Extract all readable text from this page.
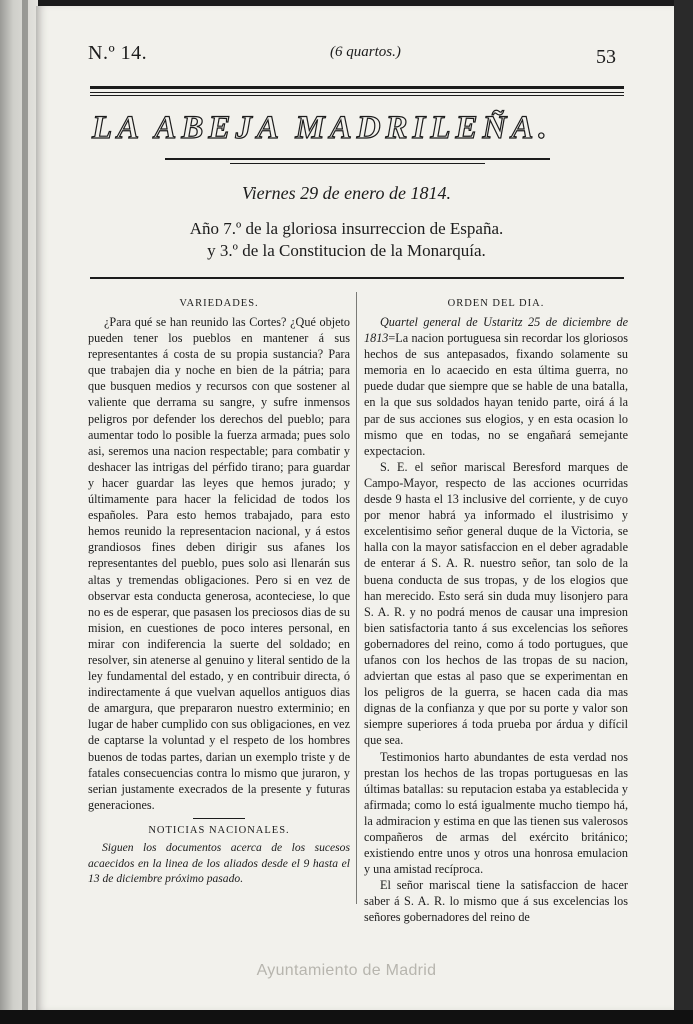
N.º 14.	(6 quartos.)	53

LA ABEJA MADRILEÑA.

Viernes 29 de enero de 1814.

Año 7.º de la gloriosa insurreccion de España.

y 3.º de la Constitucion de la Monarquía.

VARIEDADES.

¿Para qué se han reunido las Cortes? ¿Qué objeto pueden tener los pueblos en mantener á sus representantes á costa de su propia sustancia? Para que trabajen dia y noche en bien de la pátria; para que busquen medios y recursos con que sostener al valiente que derrama su sangre, y sufre inmensos peligros por defender los derechos del pueblo; para aumentar todo lo posible la fuerza armada; pues solo asi, seremos una nacion respectable; para combatir y deshacer las intrigas del pérfido tirano; para guardar y hacer guardar las leyes que hemos jurado; y últimamente para hacer la felicidad de todos los españoles. Para esto hemos trabajado, para esto hemos reunido la representacion nacional, y á estos grandiosos fines deben dirigir sus afanes los representantes del pueblo, pues solo asi llenarán sus altas y tremendas obligaciones. Pero si en vez de observar esta conducta generosa, aconteciese, lo que no es de esperar, que pasasen los preciosos dias de su mision, en cuestiones de poco interes personal, en mirar con indiferencia la suerte del soldado; en resolver, sin atenerse al genuino y literal sentido de la ley fundamental del estado, y en contribuir directa, ó indirectamente á que vuelvan aquellos antiguos dias de amargura, que prepararon nuestro exterminio; en lugar de haber cumplido con sus obligaciones, en vez de captarse la voluntad y el respeto de los hombres buenos de todas partes, darian un exemplo triste y de fatales consecuencias contra lo mismo que juraron, y serian justamente execrados de la presente y futuras generaciones.

NOTICIAS NACIONALES.
Siguen los documentos acerca de los sucesos acaecidos en la linea de los aliados desde el 9 hasta el 13 de diciembre próximo pasado.
ORDEN DEL DIA.

Quartel general de Ustaritz 25 de diciembre de 1813=La nacion portuguesa sin recordar los gloriosos hechos de sus antepasados, fixando solamente su memoria en lo acaecido en esta última guerra, no puede dudar que siempre que se hable de una batalla, en la que sus soldados hayan tenido parte, oirá á la par de sus acciones sus elogios, y en esta ocasion lo mismo que en todas, no se engañará semejante expectacion.

S. E. el señor mariscal Beresford marques de Campo-Mayor, respecto de las acciones ocurridas desde 9 hasta el 13 inclusive del corriente, y de cuyo por menor habrá ya informado el ilustrisimo y excelentisimo señor general duque de la Victoria, se halla con la mayor satisfaccion en el deber agradable de enterar á S. A. R. nuestro señor, tan solo de la buena conducta de sus tropas, y de los elogios que han merecido. Esto será sin duda muy lisonjero para S. A. R. y no podrá menos de causar una impresion bien satisfactoria tanto á sus excelencias los señores gobernadores del reino, como á todo portugues, que ufanos con los hechos de las tropas de su nacion, adviertan que estas al paso que se experimentan en los peligros de la guerra, se hacen cada dia mas dignas de la confianza y que por su porte y valor son siempre superiores á toda prueba por árdua y difícil que sea.

Testimonios harto abundantes de esta verdad nos prestan los hechos de las tropas portuguesas en las últimas batallas: su reputacion estaba ya establecida y afirmada; como lo está igualmente mucho tiempo há, la admiracion y estima en que las tienen sus valerosos compañeros de armas del exército británico; existiendo entre unos y otros una honrosa emulacion y una amistad recíproca.

El señor mariscal tiene la satisfaccion de hacer saber á S. A. R. lo mismo que á sus excelencias los señores gobernadores del reino de

Ayuntamiento de Madrid
